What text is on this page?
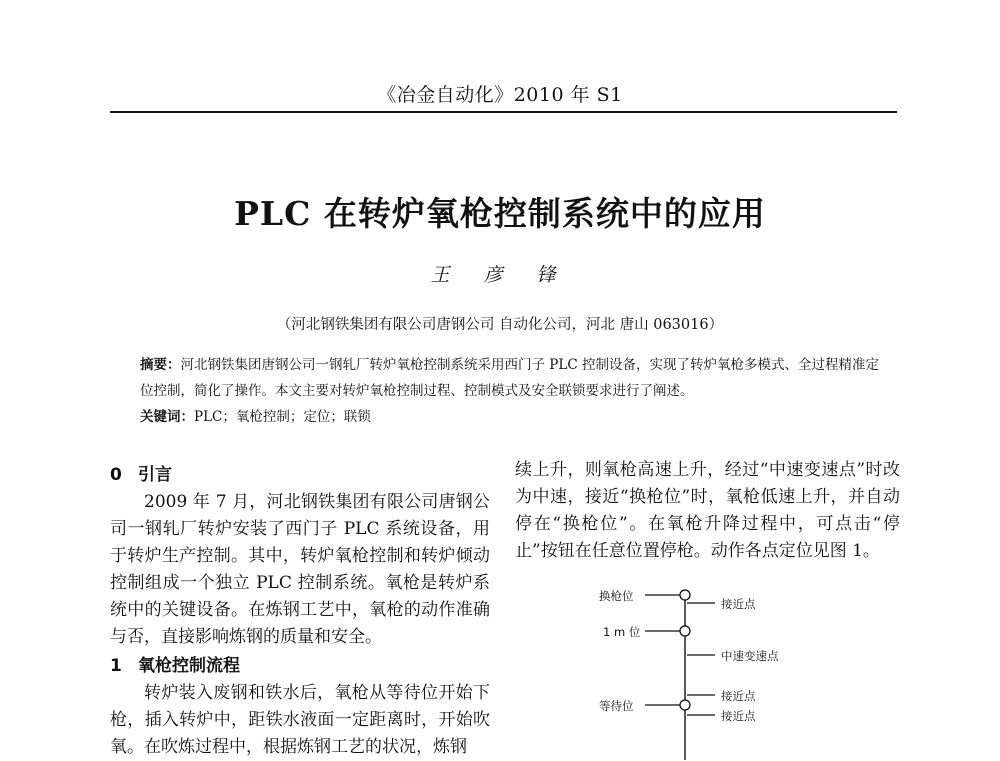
《冶金自动化》2010 年 S1
PLC 在转炉氧枪控制系统中的应用
王 彦 锋
（河北钢铁集团有限公司唐钢公司 自动化公司，河北 唐山 063016）
摘要：河北钢铁集团唐钢公司一钢轧厂转炉氧枪控制系统采用西门子 PLC 控制设备，实现了转炉氧枪多模式、全过程精准定位控制，简化了操作。本文主要对转炉氧枪控制过程、控制模式及安全联锁要求进行了阐述。
关键词：PLC；氧枪控制；定位；联锁
0 引言
2009 年 7 月，河北钢铁集团有限公司唐钢公司一钢轧厂转炉安装了西门子 PLC 系统设备，用于转炉生产控制。其中，转炉氧枪控制和转炉倾动控制组成一个独立 PLC 控制系统。氧枪是转炉系统中的关键设备。在炼钢工艺中，氧枪的动作准确与否，直接影响炼钢的质量和安全。
1 氧枪控制流程
转炉装入废钢和铁水后，氧枪从等待位开始下枪，插入转炉中，距铁水液面一定距离时，开始吹氧。在吹炼过程中，根据炼钢工艺的状况，炼钢
续上升，则氧枪高速上升，经过“中速变速点”时改为中速，接近“换枪位”时，氧枪低速上升，并自动停在“换枪位”。在氧枪升降过程中，可点击“停止”按钮在任意位置停枪。动作各点定位见图 1。
换枪位
1 m 位
等待位
接近点
中速变速点
接近点
接近点
